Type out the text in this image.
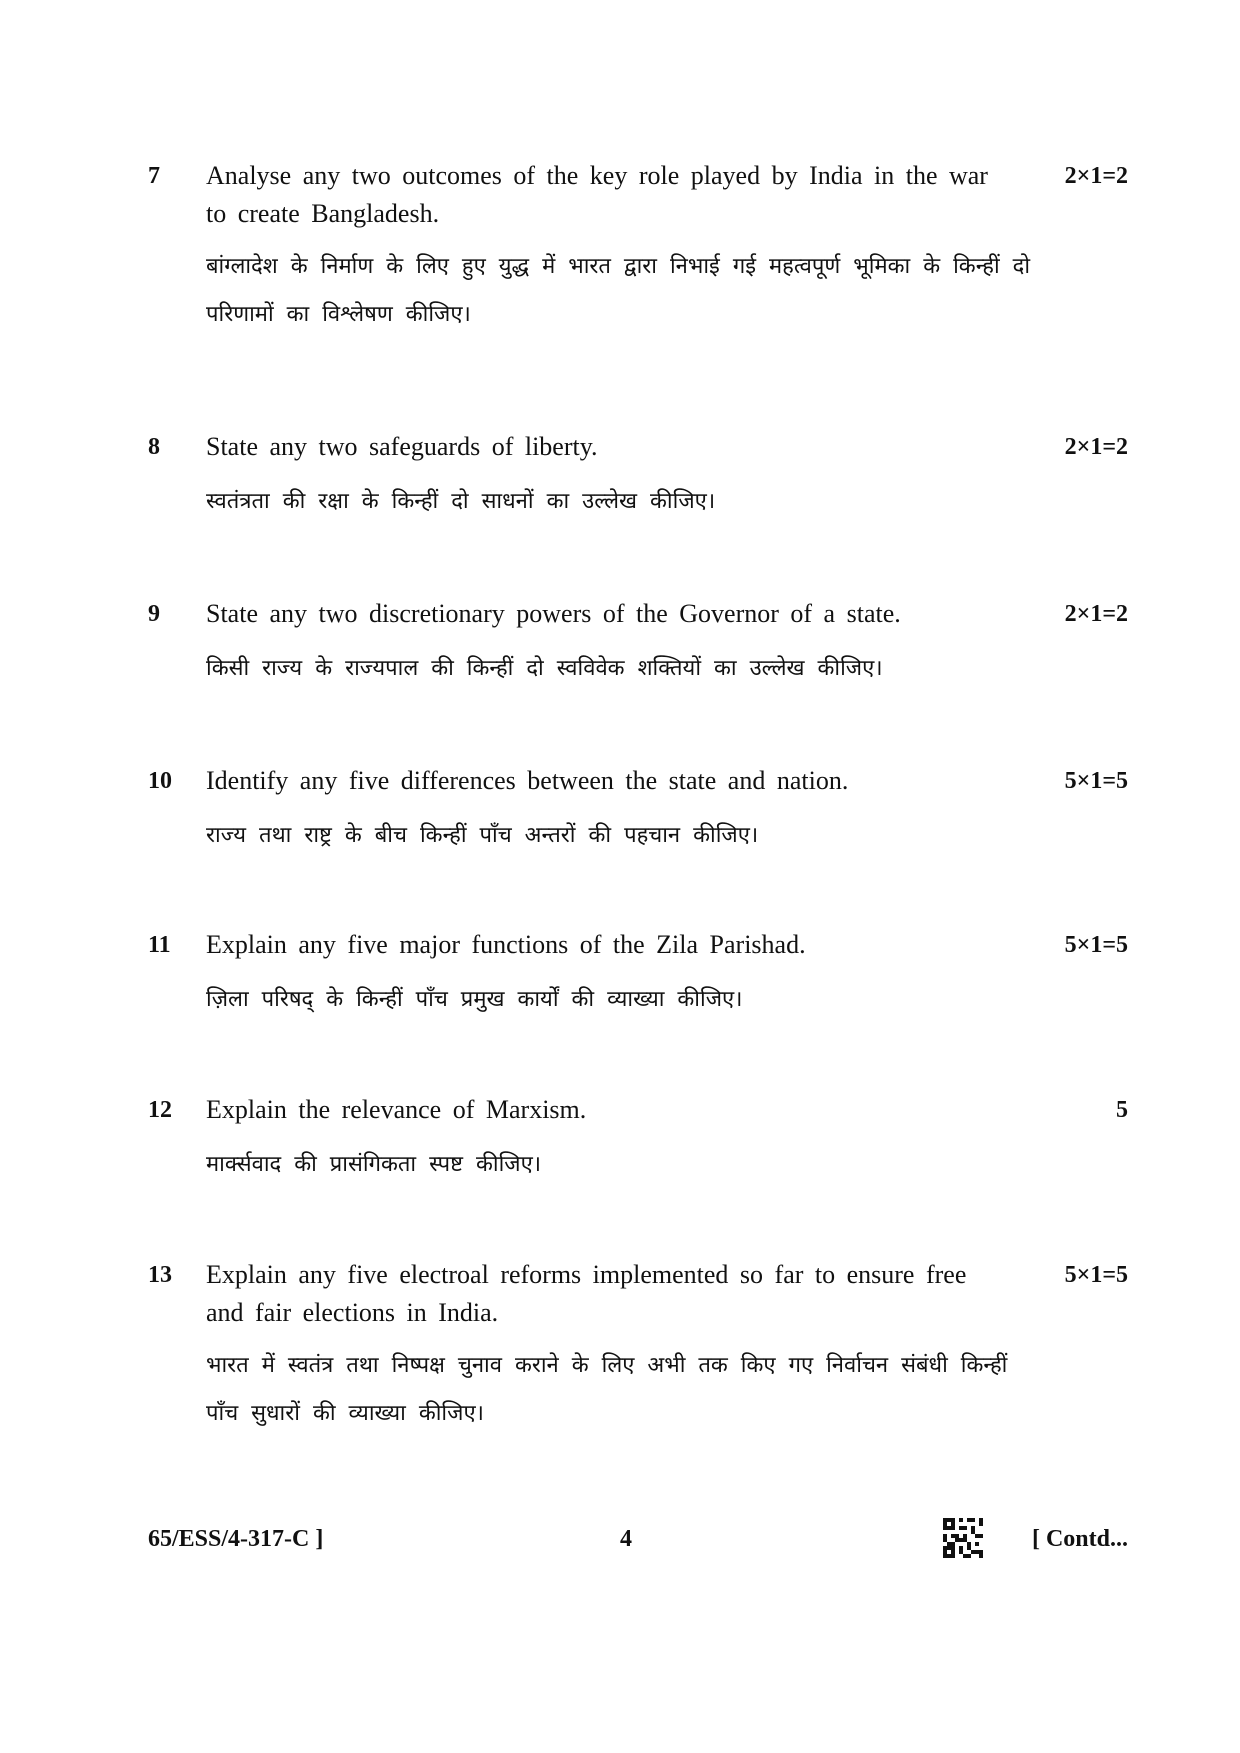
7 Analyse any two outcomes of the key role played by India in the war to create Bangladesh.
2×1=2
बांग्लादेश के निर्माण के लिए हुए युद्ध में भारत द्वारा निभाई गई महत्वपूर्ण भूमिका के किन्हीं दो परिणामों का विश्लेषण कीजिए।
8 State any two safeguards of liberty.	2×1=2
स्वतंत्रता की रक्षा के किन्हीं दो साधनों का उल्लेख कीजिए।
9 State any two discretionary powers of the Governor of a state.	2×1=2
किसी राज्य के राज्यपाल की किन्हीं दो स्वविवेक शक्तियों का उल्लेख कीजिए।
10 Identify any five differences between the state and nation.	5×1=5
राज्य तथा राष्ट्र के बीच किन्हीं पाँच अन्तरों की पहचान कीजिए।
11 Explain any five major functions of the Zila Parishad.	5×1=5
ज़िला परिषद् के किन्हीं पाँच प्रमुख कार्यों की व्याख्या कीजिए।
12 Explain the relevance of Marxism.	5
मार्क्सवाद की प्रासंगिकता स्पष्ट कीजिए।
13 Explain any five electroal reforms implemented so far to ensure free and fair elections in India.
5×1=5
भारत में स्वतंत्र तथा निष्पक्ष चुनाव कराने के लिए अभी तक किए गए निर्वाचन संबंधी किन्हीं पाँच सुधारों की व्याख्या कीजिए।
65/ESS/4-317-C ]	4	[ Contd...
